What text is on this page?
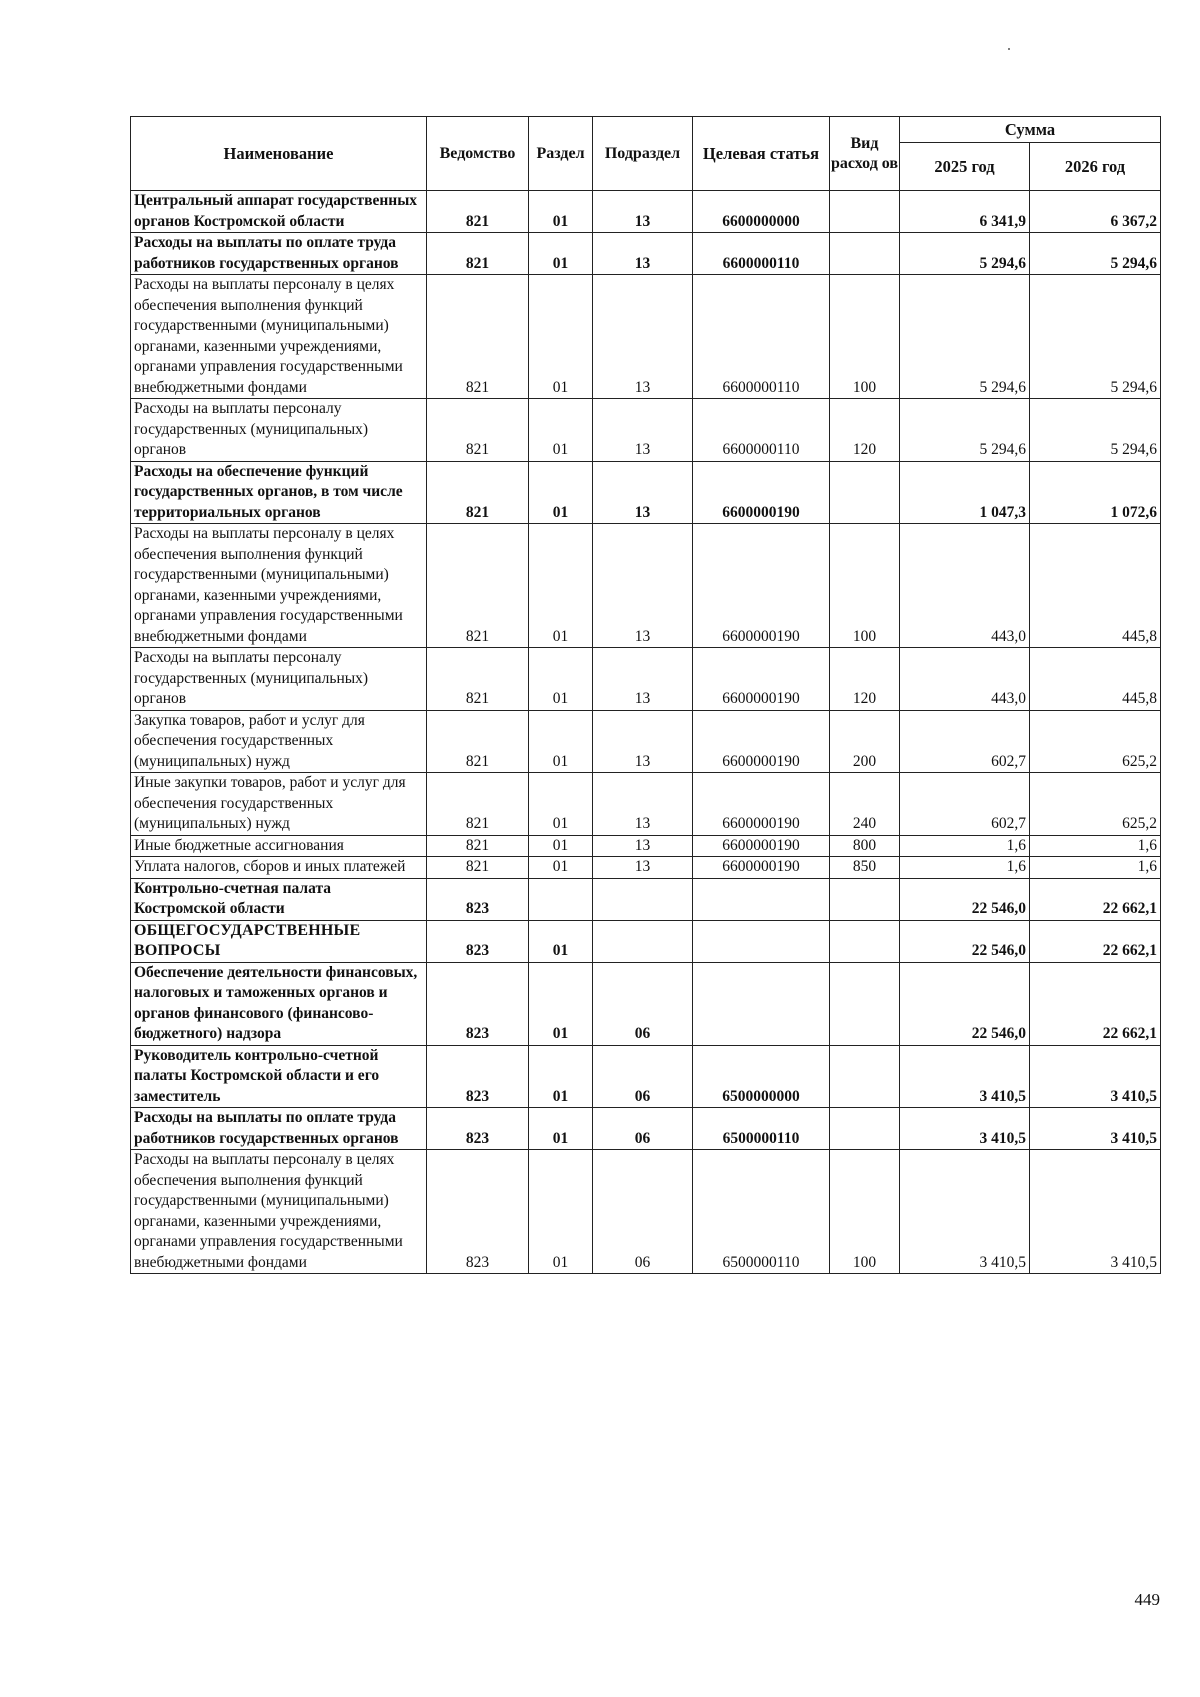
Наименование	Ведомство	Раздел	Подраздел	Целевая статья	Вид расход ов	Сумма	
						2025 год	2026 год
Центральный аппарат государственных органов Костромской области	821	01	13	6600000000		6 341,9	6 367,2
Расходы на выплаты по оплате труда работников государственных органов	821	01	13	6600000110		5 294,6	5 294,6
Расходы на выплаты персоналу в целях обеспечения выполнения функций государственными (муниципальными) органами, казенными учреждениями, органами управления государственными внебюджетными фондами	821	01	13	6600000110	100	5 294,6	5 294,6
Расходы на выплаты персоналу государственных (муниципальных) органов	821	01	13	6600000110	120	5 294,6	5 294,6
Расходы на обеспечение функций государственных органов, в том числе территориальных органов	821	01	13	6600000190		1 047,3	1 072,6
Расходы на выплаты персоналу в целях обеспечения выполнения функций государственными (муниципальными) органами, казенными учреждениями, органами управления государственными внебюджетными фондами	821	01	13	6600000190	100	443,0	445,8
Расходы на выплаты персоналу государственных (муниципальных) органов	821	01	13	6600000190	120	443,0	445,8
Закупка товаров, работ и услуг для обеспечения государственных (муниципальных) нужд	821	01	13	6600000190	200	602,7	625,2
Иные закупки товаров, работ и услуг для обеспечения государственных (муниципальных) нужд	821	01	13	6600000190	240	602,7	625,2
Иные бюджетные ассигнования	821	01	13	6600000190	800	1,6	1,6
Уплата налогов, сборов и иных платежей	821	01	13	6600000190	850	1,6	1,6
Контрольно-счетная палата Костромской области	823					22 546,0	22 662,1
ОБЩЕГОСУДАРСТВЕННЫЕ ВОПРОСЫ	823	01				22 546,0	22 662,1
Обеспечение деятельности финансовых, налоговых и таможенных органов и органов финансового (финансово-бюджетного) надзора	823	01	06			22 546,0	22 662,1
Руководитель контрольно-счетной палаты Костромской области и его заместитель	823	01	06	6500000000		3 410,5	3 410,5
Расходы на выплаты по оплате труда работников государственных органов	823	01	06	6500000110		3 410,5	3 410,5
Расходы на выплаты персоналу в целях обеспечения выполнения функций государственными (муниципальными) органами, казенными учреждениями, органами управления государственными внебюджетными фондами	823	01	06	6500000110	100	3 410,5	3 410,5
449
